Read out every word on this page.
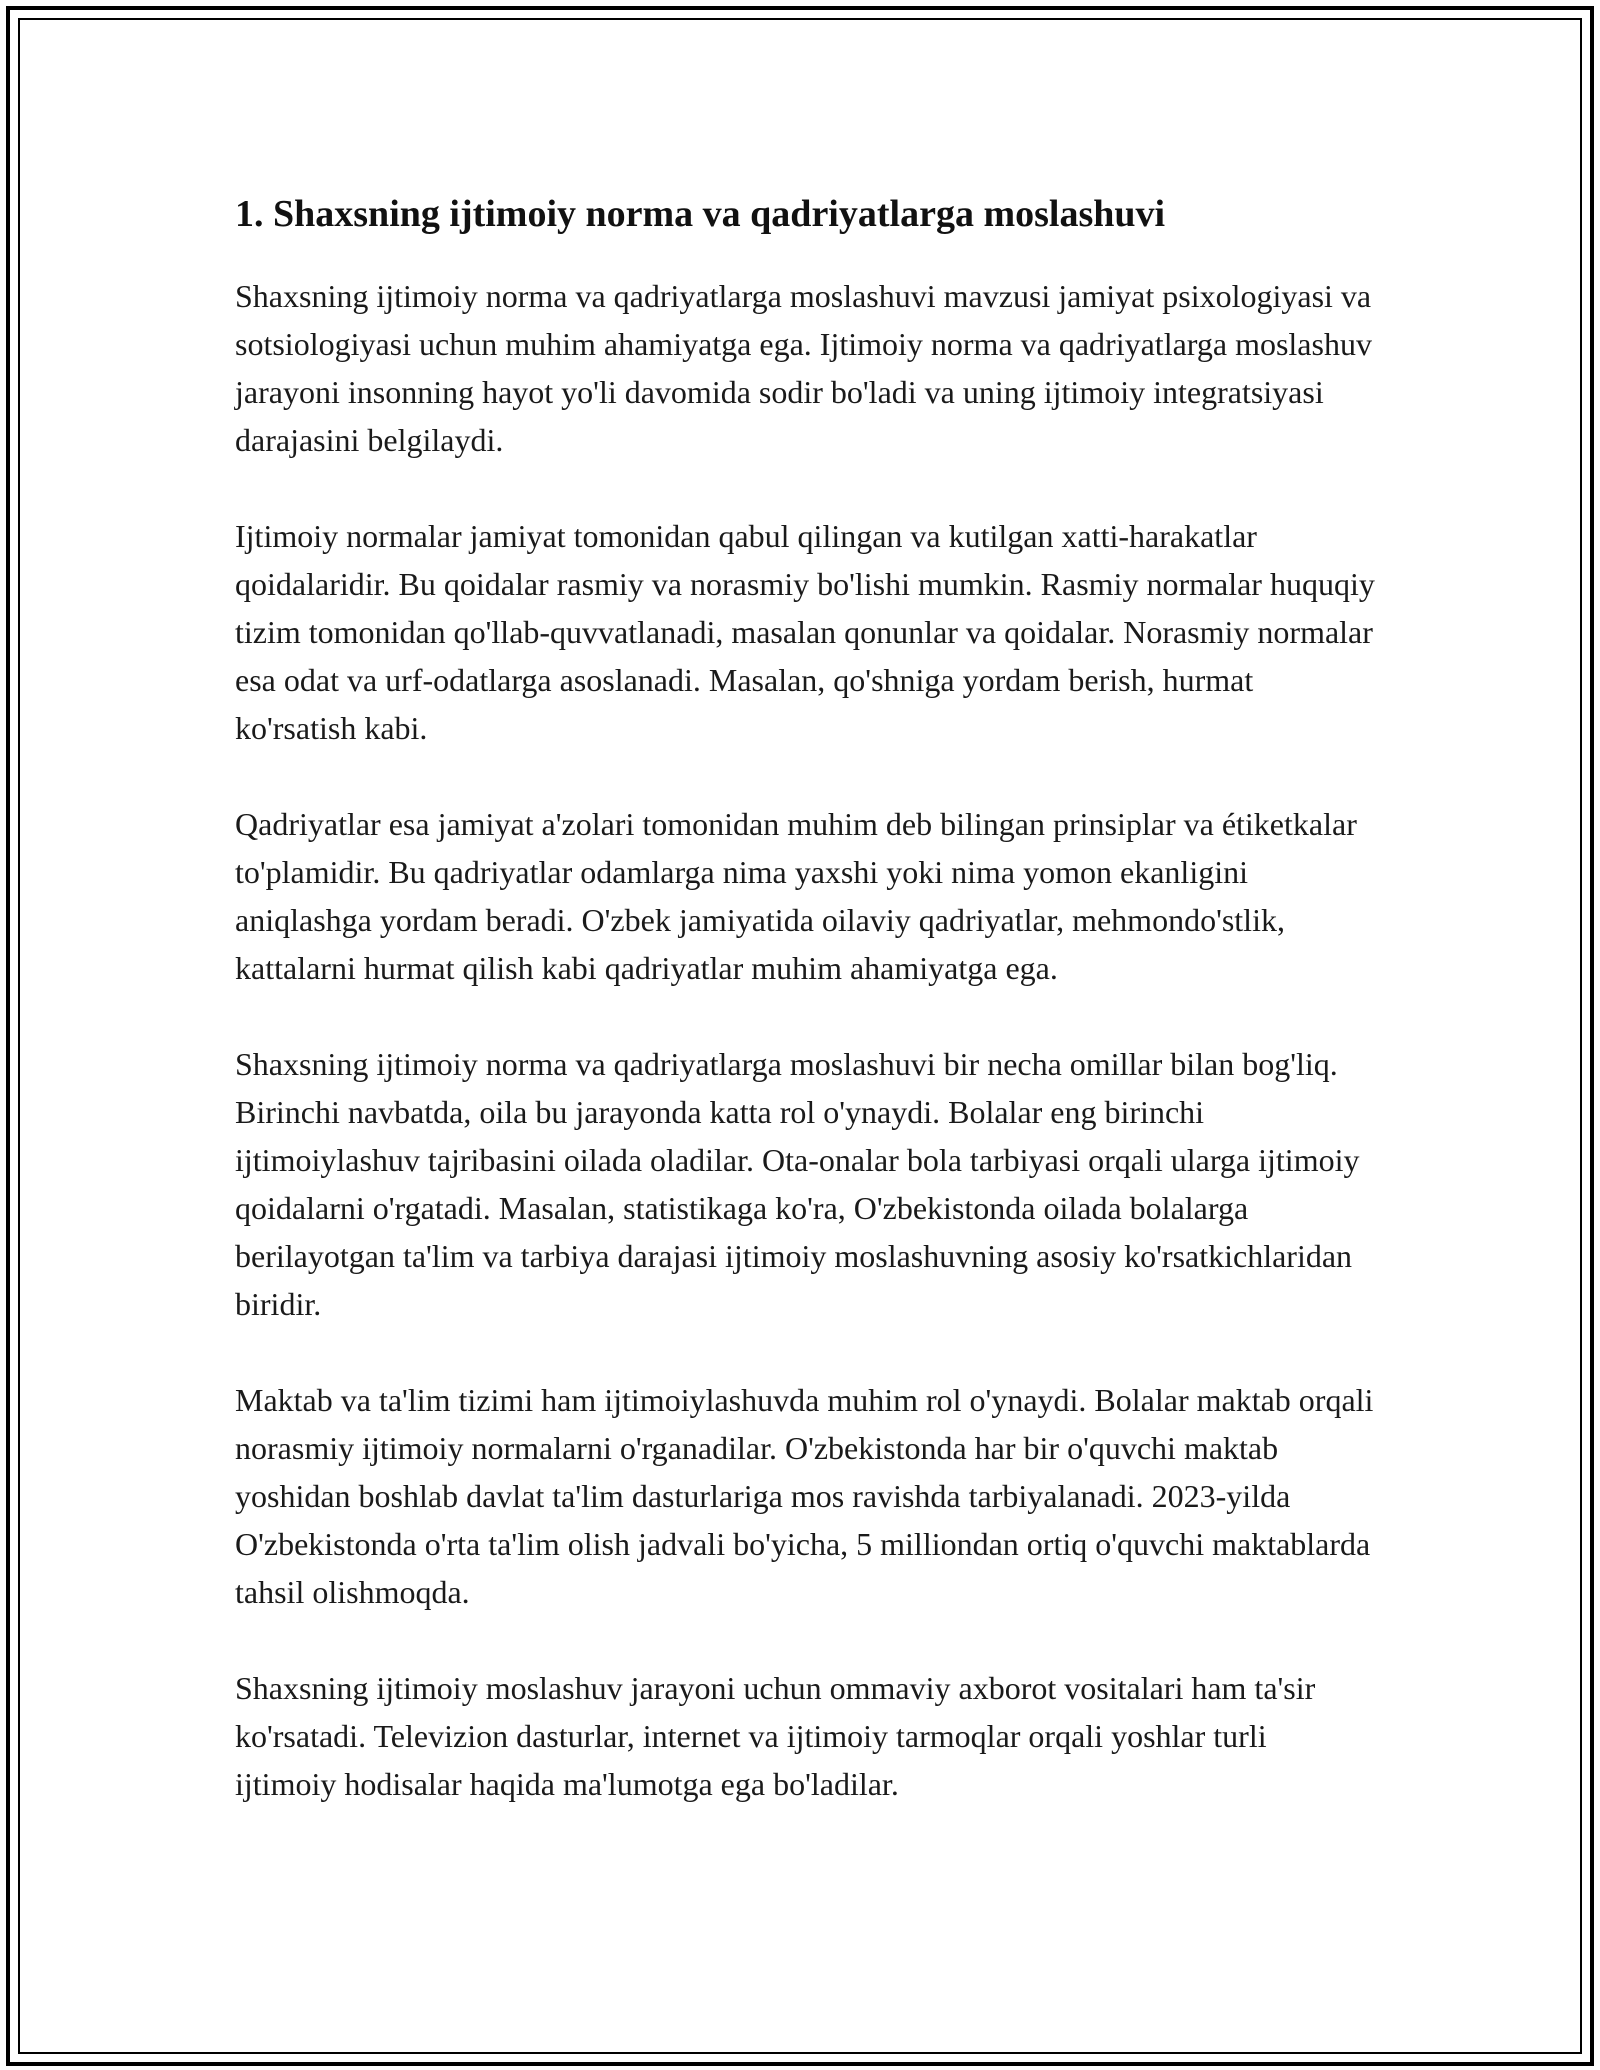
1. Shaxsning ijtimoiy norma va qadriyatlarga moslashuvi

Shaxsning ijtimoiy norma va qadriyatlarga moslashuvi mavzusi jamiyat psixologiyasi va sotsiologiyasi uchun muhim ahamiyatga ega. Ijtimoiy norma va qadriyatlarga moslashuv jarayoni insonning hayot yo'li davomida sodir bo'ladi va uning ijtimoiy integratsiyasi darajasini belgilaydi.

Ijtimoiy normalar jamiyat tomonidan qabul qilingan va kutilgan xatti-harakatlar qoidalaridir. Bu qoidalar rasmiy va norasmiy bo'lishi mumkin. Rasmiy normalar huquqiy tizim tomonidan qo'llab-quvvatlanadi, masalan qonunlar va qoidalar. Norasmiy normalar esa odat va urf-odatlarga asoslanadi. Masalan, qo'shniga yordam berish, hurmat ko'rsatish kabi.

Qadriyatlar esa jamiyat a'zolari tomonidan muhim deb bilingan prinsiplar va étiketkalar to'plamidir. Bu qadriyatlar odamlarga nima yaxshi yoki nima yomon ekanligini aniqlashga yordam beradi. O'zbek jamiyatida oilaviy qadriyatlar, mehmondo'stlik, kattalarni hurmat qilish kabi qadriyatlar muhim ahamiyatga ega.

Shaxsning ijtimoiy norma va qadriyatlarga moslashuvi bir necha omillar bilan bog'liq. Birinchi navbatda, oila bu jarayonda katta rol o'ynaydi. Bolalar eng birinchi ijtimoiylashuv tajribasini oilada oladilar. Ota-onalar bola tarbiyasi orqali ularga ijtimoiy qoidalarni o'rgatadi. Masalan, statistikaga ko'ra, O'zbekistonda oilada bolalarga berilayotgan ta'lim va tarbiya darajasi ijtimoiy moslashuvning asosiy ko'rsatkichlaridan biridir.

Maktab va ta'lim tizimi ham ijtimoiylashuvda muhim rol o'ynaydi. Bolalar maktab orqali norasmiy ijtimoiy normalarni o'rganadilar. O'zbekistonda har bir o'quvchi maktab yoshidan boshlab davlat ta'lim dasturlariga mos ravishda tarbiyalanadi. 2023-yilda O'zbekistonda o'rta ta'lim olish jadvali bo'yicha, 5 milliondan ortiq o'quvchi maktablarda tahsil olishmoqda.

Shaxsning ijtimoiy moslashuv jarayoni uchun ommaviy axborot vositalari ham ta'sir ko'rsatadi. Televizion dasturlar, internet va ijtimoiy tarmoqlar orqali yoshlar turli ijtimoiy hodisalar haqida ma'lumotga ega bo'ladilar.
